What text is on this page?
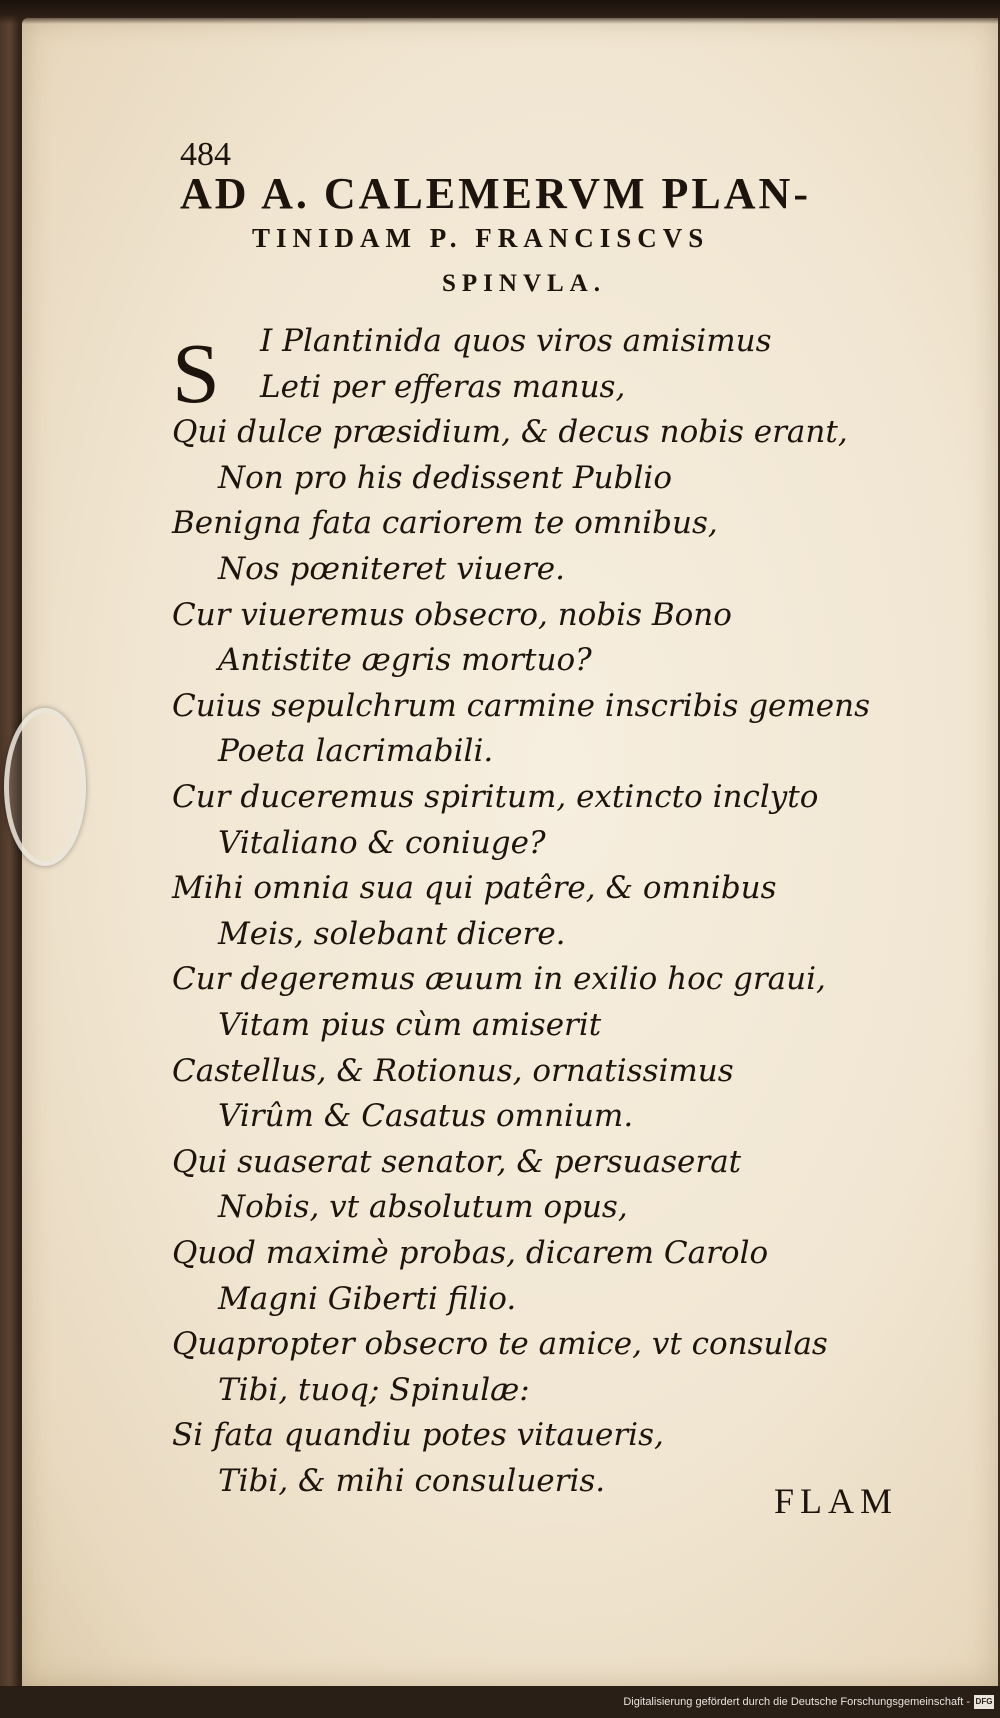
484
AD A. CALEMERVM PLAN-
TINIDAM P. FRANCISCVS
SPINVLA.
S I Plantinida quos viros amisimus
Leti per efferas manus,
Qui dulce præsidium, & decus nobis erant,
Non pro his dedissent Publio
Benigna fata cariorem te omnibus,
Nos pœniteret viuere.
Cur viueremus obsecro, nobis Bono
Antistite ægris mortuo?
Cuius sepulchrum carmine inscribis gemens
Poeta lacrimabili.
Cur duceremus spiritum, extincto inclyto
Vitaliano & coniuge?
Mihi omnia sua qui patêre, & omnibus
Meis, solebant dicere.
Cur degeremus æuum in exilio hoc graui,
Vitam pius cùm amiserit
Castellus, & Rotionus, ornatissimus
Virûm & Casatus omnium.
Qui suaserat senator, & persuaserat
Nobis, vt absolutum opus,
Quod maximè probas, dicarem Carolo
Magni Giberti filio.
Quapropter obsecro te amice, vt consulas
Tibi, tuoq; Spinulæ:
Si fata quandiu potes vitaueris,
Tibi, & mihi consulueris.	FLAM
Digitalisierung gefördert durch die Deutsche Forschungsgemeinschaft - DFG
